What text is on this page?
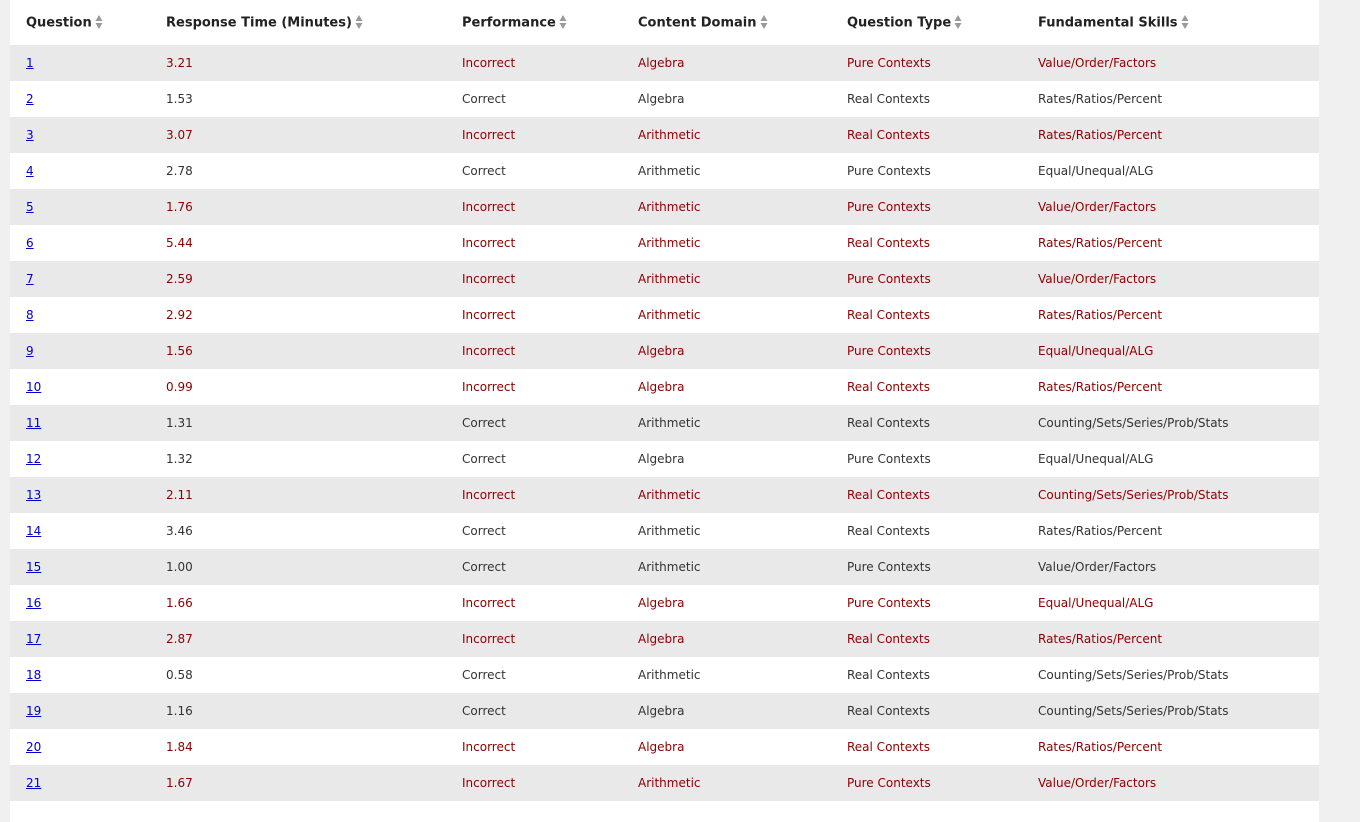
Question	Response Time (Minutes)	Performance	Content Domain	Question Type	Fundamental Skills
1	3.21	Incorrect	Algebra	Pure Contexts	Value/Order/Factors
2	1.53	Correct	Algebra	Real Contexts	Rates/Ratios/Percent
3	3.07	Incorrect	Arithmetic	Real Contexts	Rates/Ratios/Percent
4	2.78	Correct	Arithmetic	Pure Contexts	Equal/Unequal/ALG
5	1.76	Incorrect	Arithmetic	Pure Contexts	Value/Order/Factors
6	5.44	Incorrect	Arithmetic	Real Contexts	Rates/Ratios/Percent
7	2.59	Incorrect	Arithmetic	Pure Contexts	Value/Order/Factors
8	2.92	Incorrect	Arithmetic	Real Contexts	Rates/Ratios/Percent
9	1.56	Incorrect	Algebra	Pure Contexts	Equal/Unequal/ALG
10	0.99	Incorrect	Algebra	Real Contexts	Rates/Ratios/Percent
11	1.31	Correct	Arithmetic	Real Contexts	Counting/Sets/Series/Prob/Stats
12	1.32	Correct	Algebra	Pure Contexts	Equal/Unequal/ALG
13	2.11	Incorrect	Arithmetic	Real Contexts	Counting/Sets/Series/Prob/Stats
14	3.46	Correct	Arithmetic	Real Contexts	Rates/Ratios/Percent
15	1.00	Correct	Arithmetic	Pure Contexts	Value/Order/Factors
16	1.66	Incorrect	Algebra	Pure Contexts	Equal/Unequal/ALG
17	2.87	Incorrect	Algebra	Real Contexts	Rates/Ratios/Percent
18	0.58	Correct	Arithmetic	Real Contexts	Counting/Sets/Series/Prob/Stats
19	1.16	Correct	Algebra	Real Contexts	Counting/Sets/Series/Prob/Stats
20	1.84	Incorrect	Algebra	Real Contexts	Rates/Ratios/Percent
21	1.67	Incorrect	Arithmetic	Pure Contexts	Value/Order/Factors
